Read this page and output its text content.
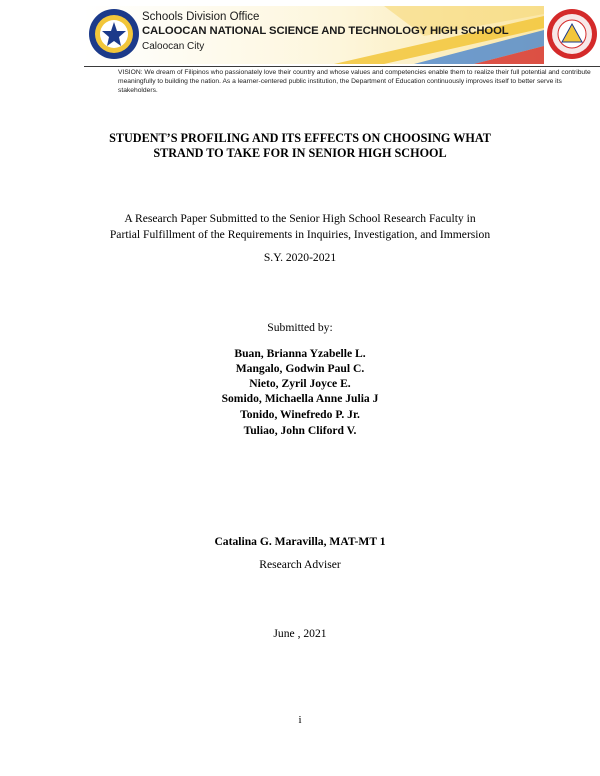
Schools Division Office
CALOOCAN NATIONAL SCIENCE AND TECHNOLOGY HIGH SCHOOL
Caloocan City
VISION: We dream of Filipinos who passionately love their country and whose values and competencies enable them to realize their full potential and contribute meaningfully to building the nation. As a learner-centered public institution, the Department of Education continuously improves itself to better serve its stakeholders.
STUDENT’S PROFILING AND ITS EFFECTS ON CHOOSING WHAT
STRAND TO TAKE FOR IN SENIOR HIGH SCHOOL
A Research Paper Submitted to the Senior High School Research Faculty in
Partial Fulfillment of the Requirements in Inquiries, Investigation, and Immersion
S.Y. 2020-2021
Submitted by:
Buan, Brianna Yzabelle L.
Mangalo, Godwin Paul C.
Nieto, Zyril Joyce E.
Somido, Michaella Anne Julia J
Tonido, Winefredo P. Jr.
Tuliao, John Cliford V.
Catalina G. Maravilla, MAT-MT 1
Research Adviser
June , 2021
i
